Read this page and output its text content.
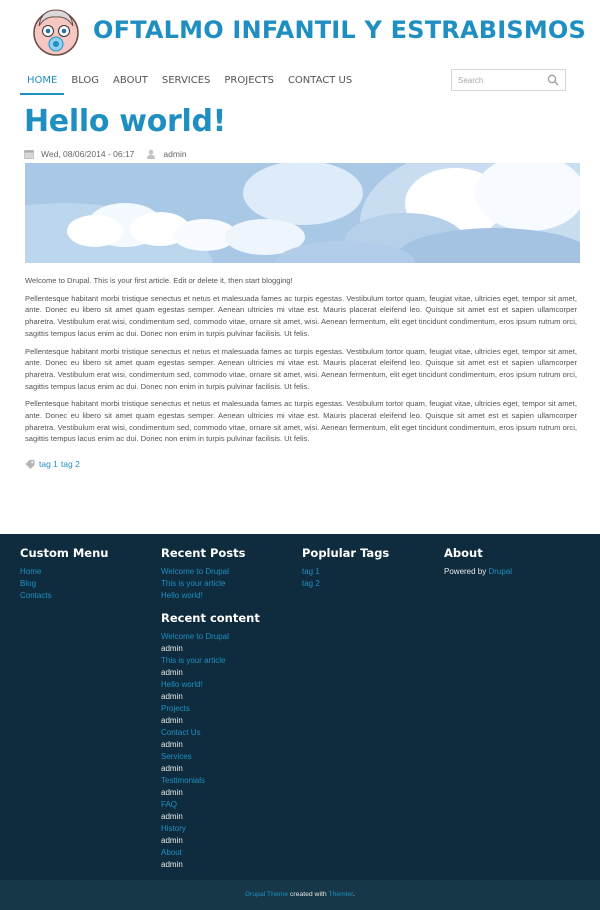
OFTALMO INFANTIL Y ESTRABISMOS
HOME	BLOG	ABOUT	SERVICES	PROJECTS	CONTACT US
Search
Hello world!
Wed, 08/06/2014 - 06:17	admin

Welcome to Drupal. This is your first article. Edit or delete it, then start blogging!

Pellentesque habitant morbi tristique senectus et netus et malesuada fames ac turpis egestas. Vestibulum tortor quam, feugiat vitae, ultricies eget, tempor sit amet, ante. Donec eu libero sit amet quam egestas semper. Aenean ultricies mi vitae est. Mauris placerat eleifend leo. Quisque sit amet est et sapien ullamcorper pharetra. Vestibulum erat wisi, condimentum sed, commodo vitae, ornare sit amet, wisi. Aenean fermentum, elit eget tincidunt condimentum, eros ipsum rutrum orci, sagittis tempus lacus enim ac dui. Donec non enim in turpis pulvinar facilisis. Ut felis.

Pellentesque habitant morbi tristique senectus et netus et malesuada fames ac turpis egestas. Vestibulum tortor quam, feugiat vitae, ultricies eget, tempor sit amet, ante. Donec eu libero sit amet quam egestas semper. Aenean ultricies mi vitae est. Mauris placerat eleifend leo. Quisque sit amet est et sapien ullamcorper pharetra. Vestibulum erat wisi, condimentum sed, commodo vitae, ornare sit amet, wisi. Aenean fermentum, elit eget tincidunt condimentum, eros ipsum rutrum orci, sagittis tempus lacus enim ac dui. Donec non enim in turpis pulvinar facilisis. Ut felis.

Pellentesque habitant morbi tristique senectus et netus et malesuada fames ac turpis egestas. Vestibulum tortor quam, feugiat vitae, ultricies eget, tempor sit amet, ante. Donec eu libero sit amet quam egestas semper. Aenean ultricies mi vitae est. Mauris placerat eleifend leo. Quisque sit amet est et sapien ullamcorper pharetra. Vestibulum erat wisi, condimentum sed, commodo vitae, ornare sit amet, wisi. Aenean fermentum, elit eget tincidunt condimentum, eros ipsum rutrum orci, sagittis tempus lacus enim ac dui. Donec non enim in turpis pulvinar facilisis. Ut felis.

tag 1 tag 2
Custom Menu
Home
Blog
Contacts
Recent Posts
Welcome to Drupal
This is your article
Hello world!
Recent content
Welcome to Drupal
admin
This is your article
admin
Hello world!
admin
Projects
admin
Contact Us
admin
Services
admin
Testimonials
admin
FAQ
admin
History
admin
About
admin
Poplular Tags
tag 1
tag 2
About
Powered by Drupal
Drupal Theme created with Themler.
